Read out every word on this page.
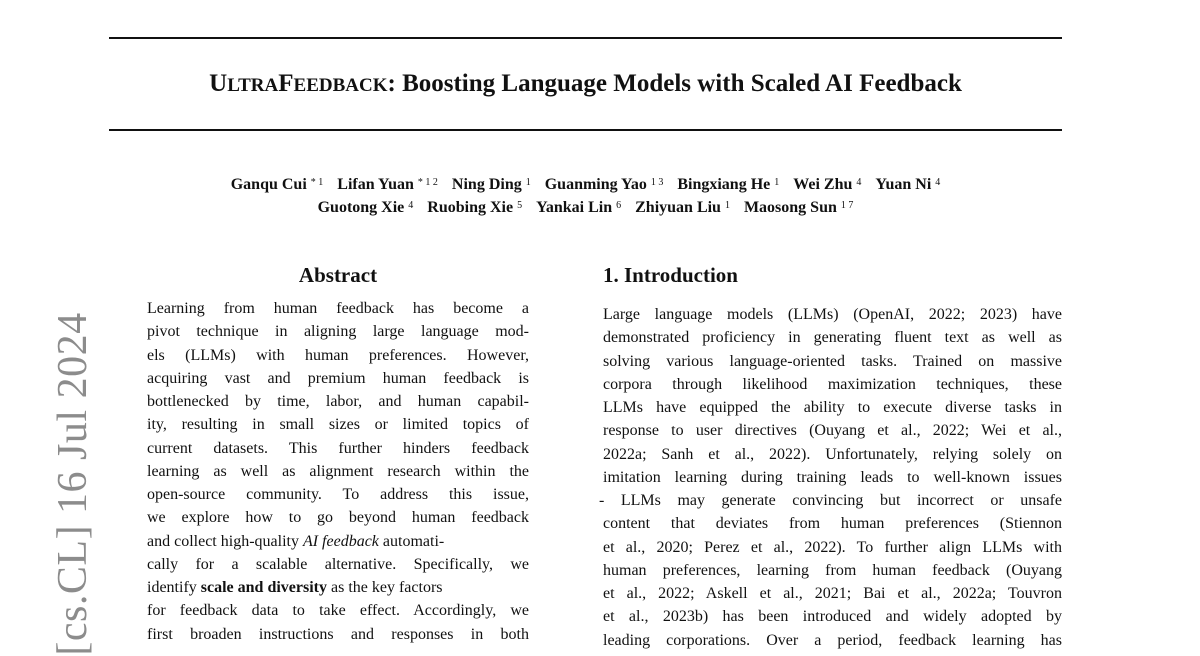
ULTRAFEEDBACK: Boosting Language Models with Scaled AI Feedback
Ganqu Cui $^{* 1}$ Lifan Yuan $^{* 1 2}$ Ning Ding $^1$ Guanming Yao $^{1 3}$ Bingxiang He $^1$ Wei Zhu $^4$ Yuan Ni $^4$
Guotong Xie $^4$ Ruobing Xie $^5$ Yankai Lin $^6$ Zhiyuan Liu $^1$ Maosong Sun $^{1 7}$
[cs.CL] 16 Jul 2024
Abstract
Learning from human feedback has become a
pivot technique in aligning large language mod-
els (LLMs) with human preferences. However,
acquiring vast and premium human feedback is
bottlenecked by time, labor, and human capabil-
ity, resulting in small sizes or limited topics of
current datasets. This further hinders feedback
learning as well as alignment research within the
open-source community. To address this issue,
we explore how to go beyond human feedback
and collect high-quality AI feedback automati-
cally for a scalable alternative. Specifically, we
identify scale and diversity as the key factors
for feedback data to take effect. Accordingly, we
first broaden instructions and responses in both
1. Introduction
Large language models (LLMs) (OpenAI, 2022; 2023) have
demonstrated proficiency in generating fluent text as well as
solving various language-oriented tasks. Trained on massive
corpora through likelihood maximization techniques, these
LLMs have equipped the ability to execute diverse tasks in
response to user directives (Ouyang et al., 2022; Wei et al.,
2022a; Sanh et al., 2022). Unfortunately, relying solely on
imitation learning during training leads to well-known issues
- LLMs may generate convincing but incorrect or unsafe
content that deviates from human preferences (Stiennon
et al., 2020; Perez et al., 2022). To further align LLMs with
human preferences, learning from human feedback (Ouyang
et al., 2022; Askell et al., 2021; Bai et al., 2022a; Touvron
et al., 2023b) has been introduced and widely adopted by
leading corporations. Over a period, feedback learning has
